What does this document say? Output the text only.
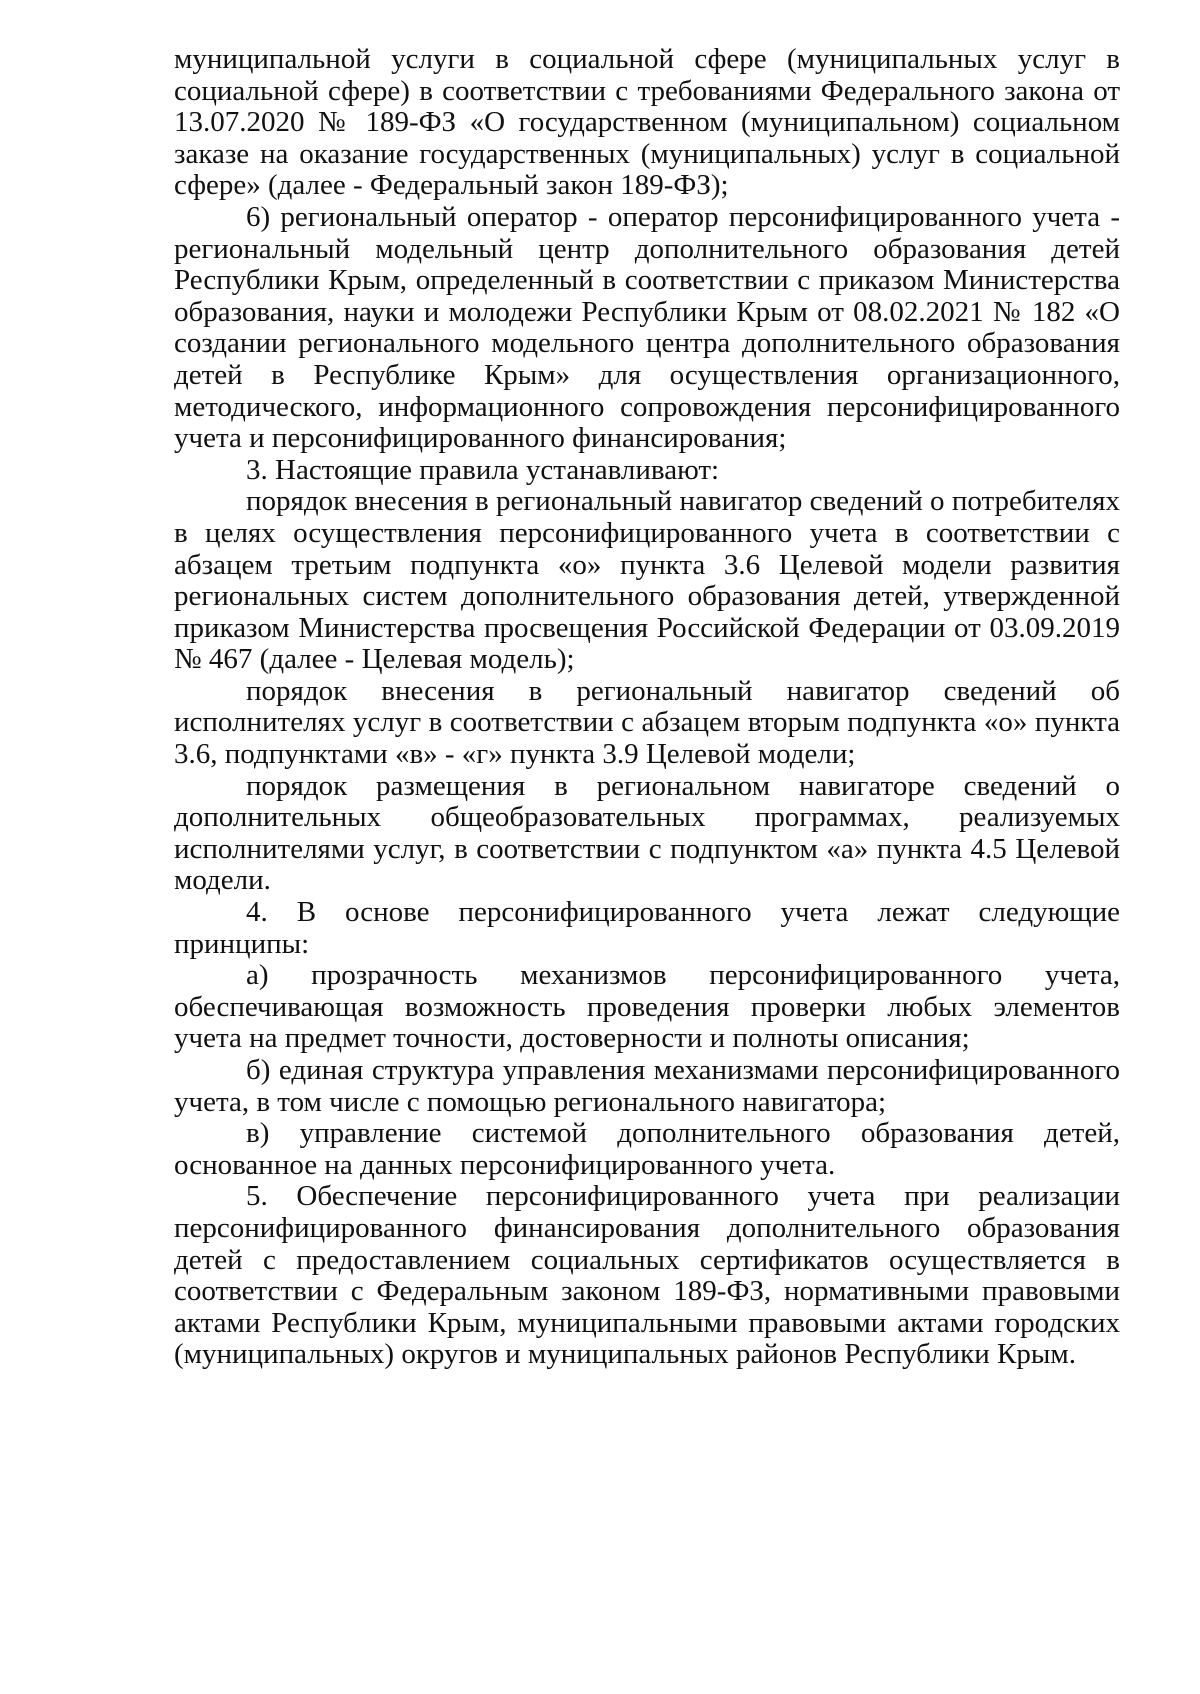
муниципальной услуги в социальной сфере (муниципальных услуг в социальной сфере) в соответствии с требованиями Федерального закона от 13.07.2020 № 189-ФЗ «О государственном (муниципальном) социальном заказе на оказание государственных (муниципальных) услуг в социальной сфере» (далее - Федеральный закон 189-ФЗ);

6) региональный оператор - оператор персонифицированного учета - региональный модельный центр дополнительного образования детей Республики Крым, определенный в соответствии с приказом Министерства образования, науки и молодежи Республики Крым от 08.02.2021 № 182 «О создании регионального модельного центра дополнительного образования детей в Республике Крым» для осуществления организационного, методического, информационного сопровождения персонифицированного учета и персонифицированного финансирования;

3. Настоящие правила устанавливают:

порядок внесения в региональный навигатор сведений о потребителях в целях осуществления персонифицированного учета в соответствии с абзацем третьим подпункта «о» пункта 3.6 Целевой модели развития региональных систем дополнительного образования детей, утвержденной приказом Министерства просвещения Российской Федерации от 03.09.2019 № 467 (далее - Целевая модель);

порядок внесения в региональный навигатор сведений об исполнителях услуг в соответствии с абзацем вторым подпункта «о» пункта 3.6, подпунктами «в» - «г» пункта 3.9 Целевой модели;

порядок размещения в региональном навигаторе сведений о дополнительных общеобразовательных программах, реализуемых исполнителями услуг, в соответствии с подпунктом «а» пункта 4.5 Целевой модели.

4. В основе персонифицированного учета лежат следующие принципы:

а) прозрачность механизмов персонифицированного учета, обеспечивающая возможность проведения проверки любых элементов учета на предмет точности, достоверности и полноты описания;

б) единая структура управления механизмами персонифицированного учета, в том числе с помощью регионального навигатора;

в) управление системой дополнительного образования детей, основанное на данных персонифицированного учета.

5. Обеспечение персонифицированного учета при реализации персонифицированного финансирования дополнительного образования детей с предоставлением социальных сертификатов осуществляется в соответствии с Федеральным законом 189-ФЗ, нормативными правовыми актами Республики Крым, муниципальными правовыми актами городских (муниципальных) округов и муниципальных районов Республики Крым.
